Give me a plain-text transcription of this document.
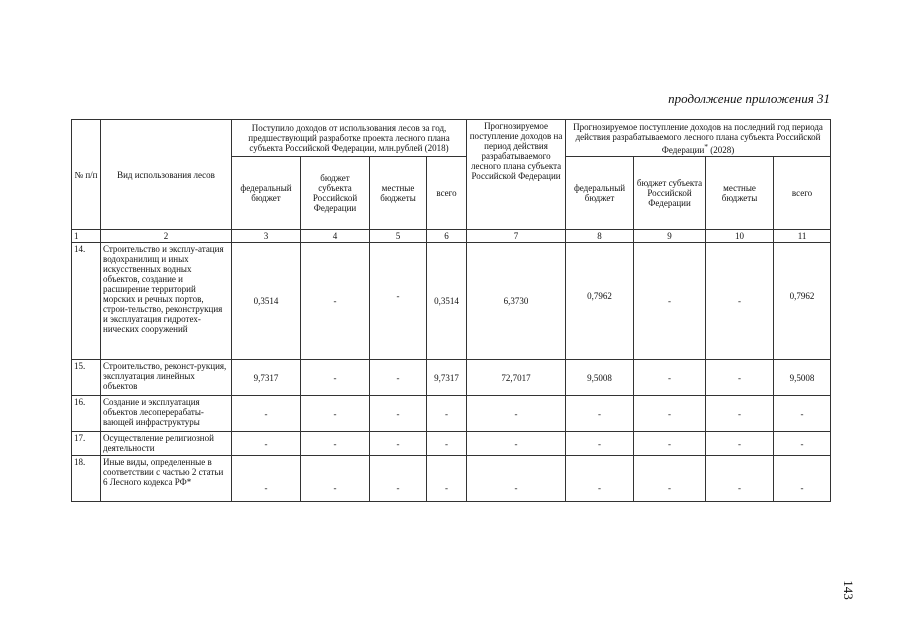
продолжение приложения 31
№ п/п	Вид использования лесов	Поступило доходов от использования лесов за год, предшествующий разработке проекта лесного плана субъекта Российской Федерации, млн.рублей (2018)				Прогнозируемое поступление доходов на период действия разрабатываемого лесного плана субъекта Российской Федерации	Прогнозируемое поступление доходов на последний год периода действия разрабатываемого лесного плана субъекта Российской Федерации* (2028)			
		федеральный бюджет	бюджет субъекта Российской Федерации	местные бюджеты	всего		федеральный бюджет	бюджет субъекта Российской Федерации	местные бюджеты	всего
1	2	3	4	5	6	7	8	9	10	11
14.	Строительство и эксплу-атация водохранилищ и иных искусственных водных объектов, создание и расширение территорий морских и речных портов, строи-тельство, реконструкция и эксплуатация гидротех-нических сооружений	0,3514	-	-	0,3514	6,3730	0,7962	-	-	0,7962
15.	Строительство, реконст-рукция, эксплуатация линейных объектов	9,7317	-	-	9,7317	72,7017	9,5008	-	-	9,5008
16.	Создание и эксплуатация объектов лесоперерабаты-вающей инфраструктуры	-	-	-	-	-	-	-	-	-
17.	Осуществление религиозной деятельности	-	-	-	-	-	-	-	-	-
18.	Иные виды, определенные в соответствии с частью 2 статьи 6 Лесного кодекса РФ*	-	-	-	-	-	-	-	-	-
143
